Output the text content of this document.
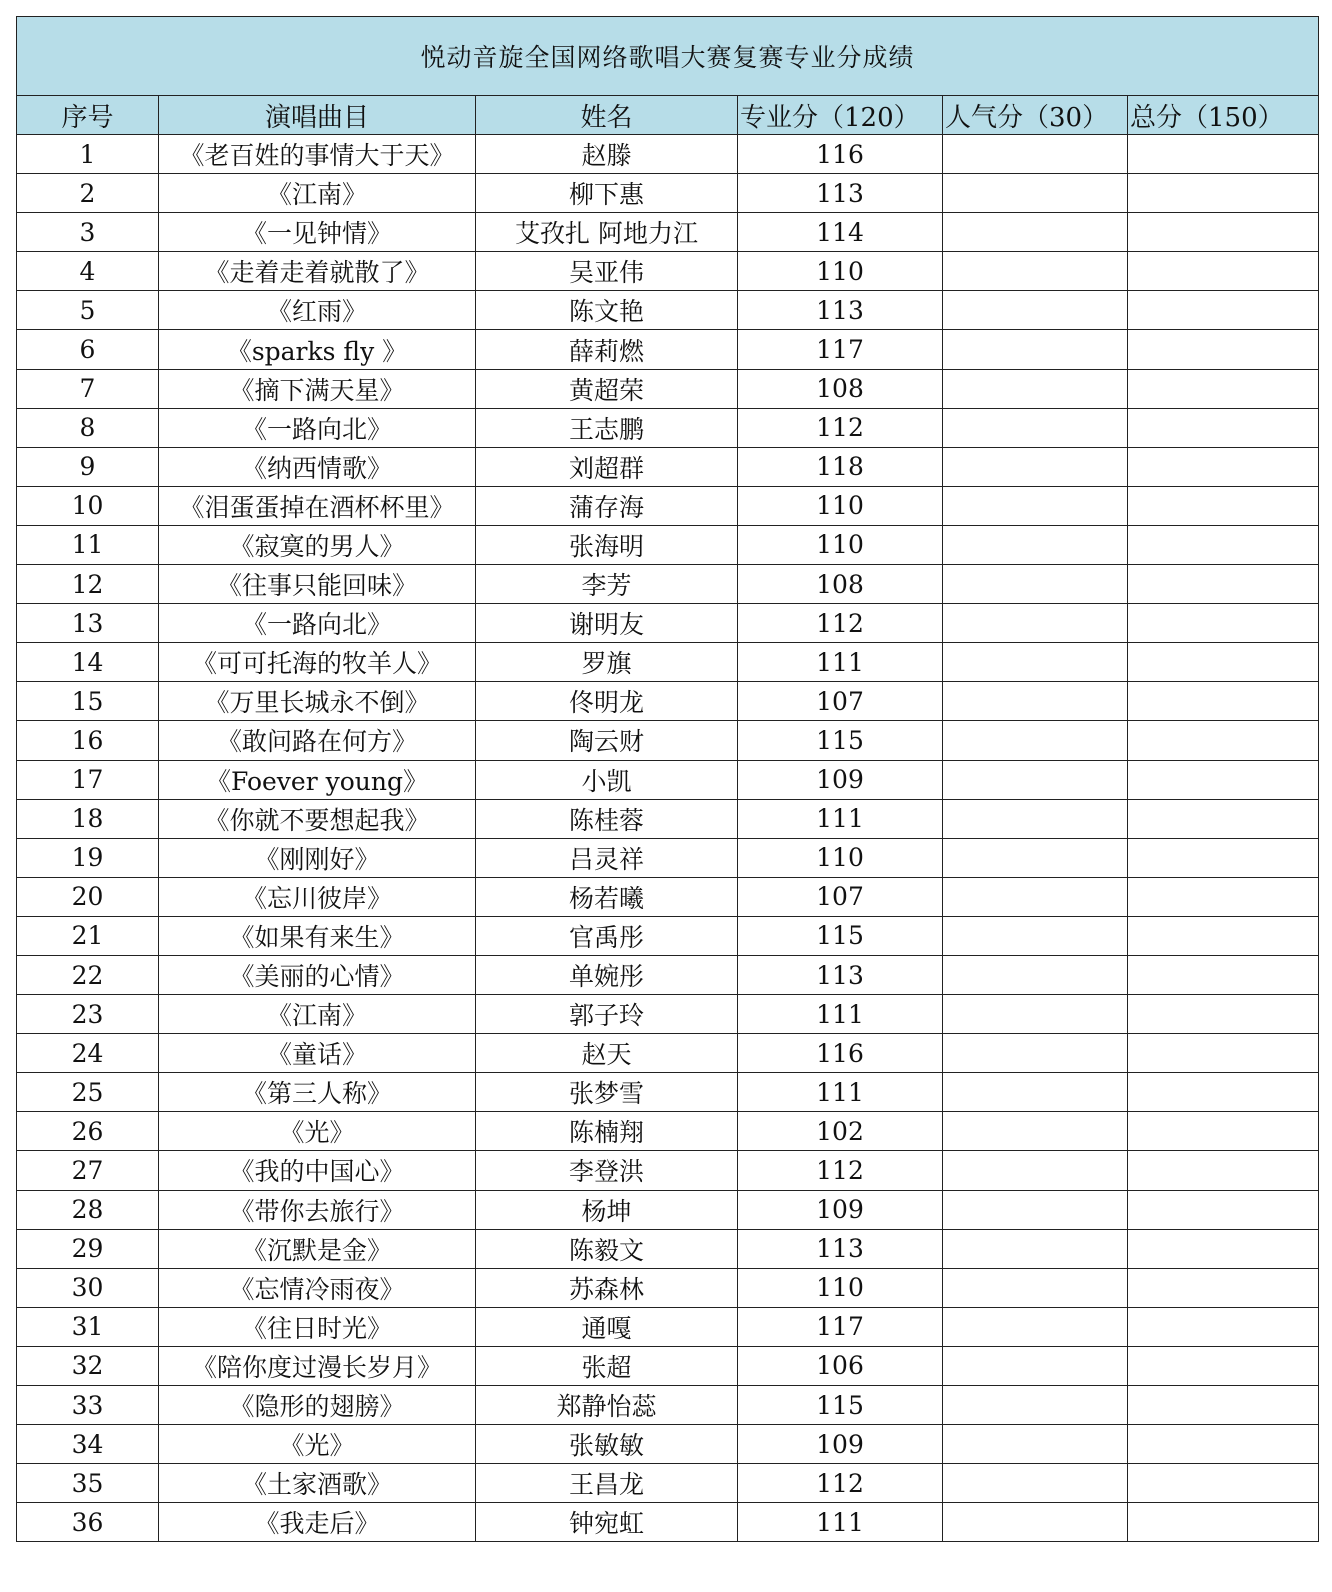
悦动音旋全国网络歌唱大赛复赛专业分成绩					
序号	演唱曲目	姓名	专业分（120）	人气分（30）	总分（150）
1	《老百姓的事情大于天》	赵滕	116		
2	《江南》	柳下惠	113		
3	《一见钟情》	艾孜扎 阿地力江	114		
4	《走着走着就散了》	吴亚伟	110		
5	《红雨》	陈文艳	113		
6	《sparks fly 》	薛莉燃	117		
7	《摘下满天星》	黄超荣	108		
8	《一路向北》	王志鹏	112		
9	《纳西情歌》	刘超群	118		
10	《泪蛋蛋掉在酒杯杯里》	蒲存海	110		
11	《寂寞的男人》	张海明	110		
12	《往事只能回味》	李芳	108		
13	《一路向北》	谢明友	112		
14	《可可托海的牧羊人》	罗旗	111		
15	《万里长城永不倒》	佟明龙	107		
16	《敢问路在何方》	陶云财	115		
17	《Foever young》	小凯	109		
18	《你就不要想起我》	陈桂蓉	111		
19	《刚刚好》	吕灵祥	110		
20	《忘川彼岸》	杨若曦	107		
21	《如果有来生》	官禹彤	115		
22	《美丽的心情》	单婉彤	113		
23	《江南》	郭子玲	111		
24	《童话》	赵天	116		
25	《第三人称》	张梦雪	111		
26	《光》	陈楠翔	102		
27	《我的中国心》	李登洪	112		
28	《带你去旅行》	杨坤	109		
29	《沉默是金》	陈毅文	113		
30	《忘情冷雨夜》	苏森林	110		
31	《往日时光》	通嘎	117		
32	《陪你度过漫长岁月》	张超	106		
33	《隐形的翅膀》	郑静怡蕊	115		
34	《光》	张敏敏	109		
35	《土家酒歌》	王昌龙	112		
36	《我走后》	钟宛虹	111		
